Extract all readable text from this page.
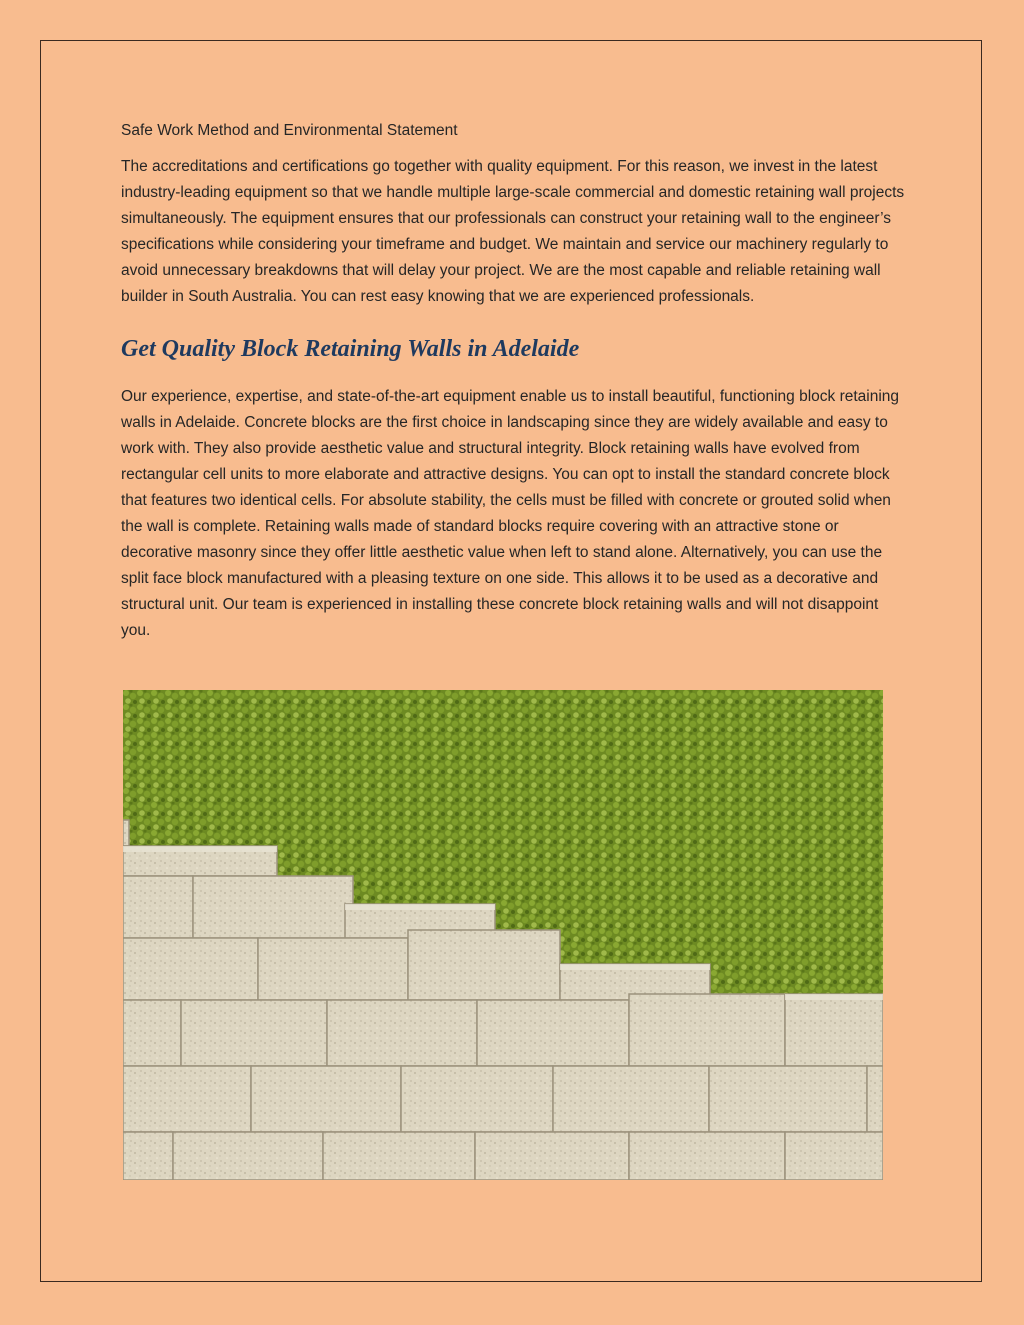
Safe Work Method and Environmental Statement

The accreditations and certifications go together with quality equipment. For this reason, we invest in the latest industry-leading equipment so that we handle multiple large-scale commercial and domestic retaining wall projects simultaneously. The equipment ensures that our professionals can construct your retaining wall to the engineer’s specifications while considering your timeframe and budget. We maintain and service our machinery regularly to avoid unnecessary breakdowns that will delay your project. We are the most capable and reliable retaining wall builder in South Australia. You can rest easy knowing that we are experienced professionals.

Get Quality Block Retaining Walls in Adelaide

Our experience, expertise, and state-of-the-art equipment enable us to install beautiful, functioning block retaining walls in Adelaide. Concrete blocks are the first choice in landscaping since they are widely available and easy to work with. They also provide aesthetic value and structural integrity. Block retaining walls have evolved from rectangular cell units to more elaborate and attractive designs. You can opt to install the standard concrete block that features two identical cells. For absolute stability, the cells must be filled with concrete or grouted solid when the wall is complete. Retaining walls made of standard blocks require covering with an attractive stone or decorative masonry since they offer little aesthetic value when left to stand alone. Alternatively, you can use the split face block manufactured with a pleasing texture on one side. This allows it to be used as a decorative and structural unit. Our team is experienced in installing these concrete block retaining walls and will not disappoint you.
